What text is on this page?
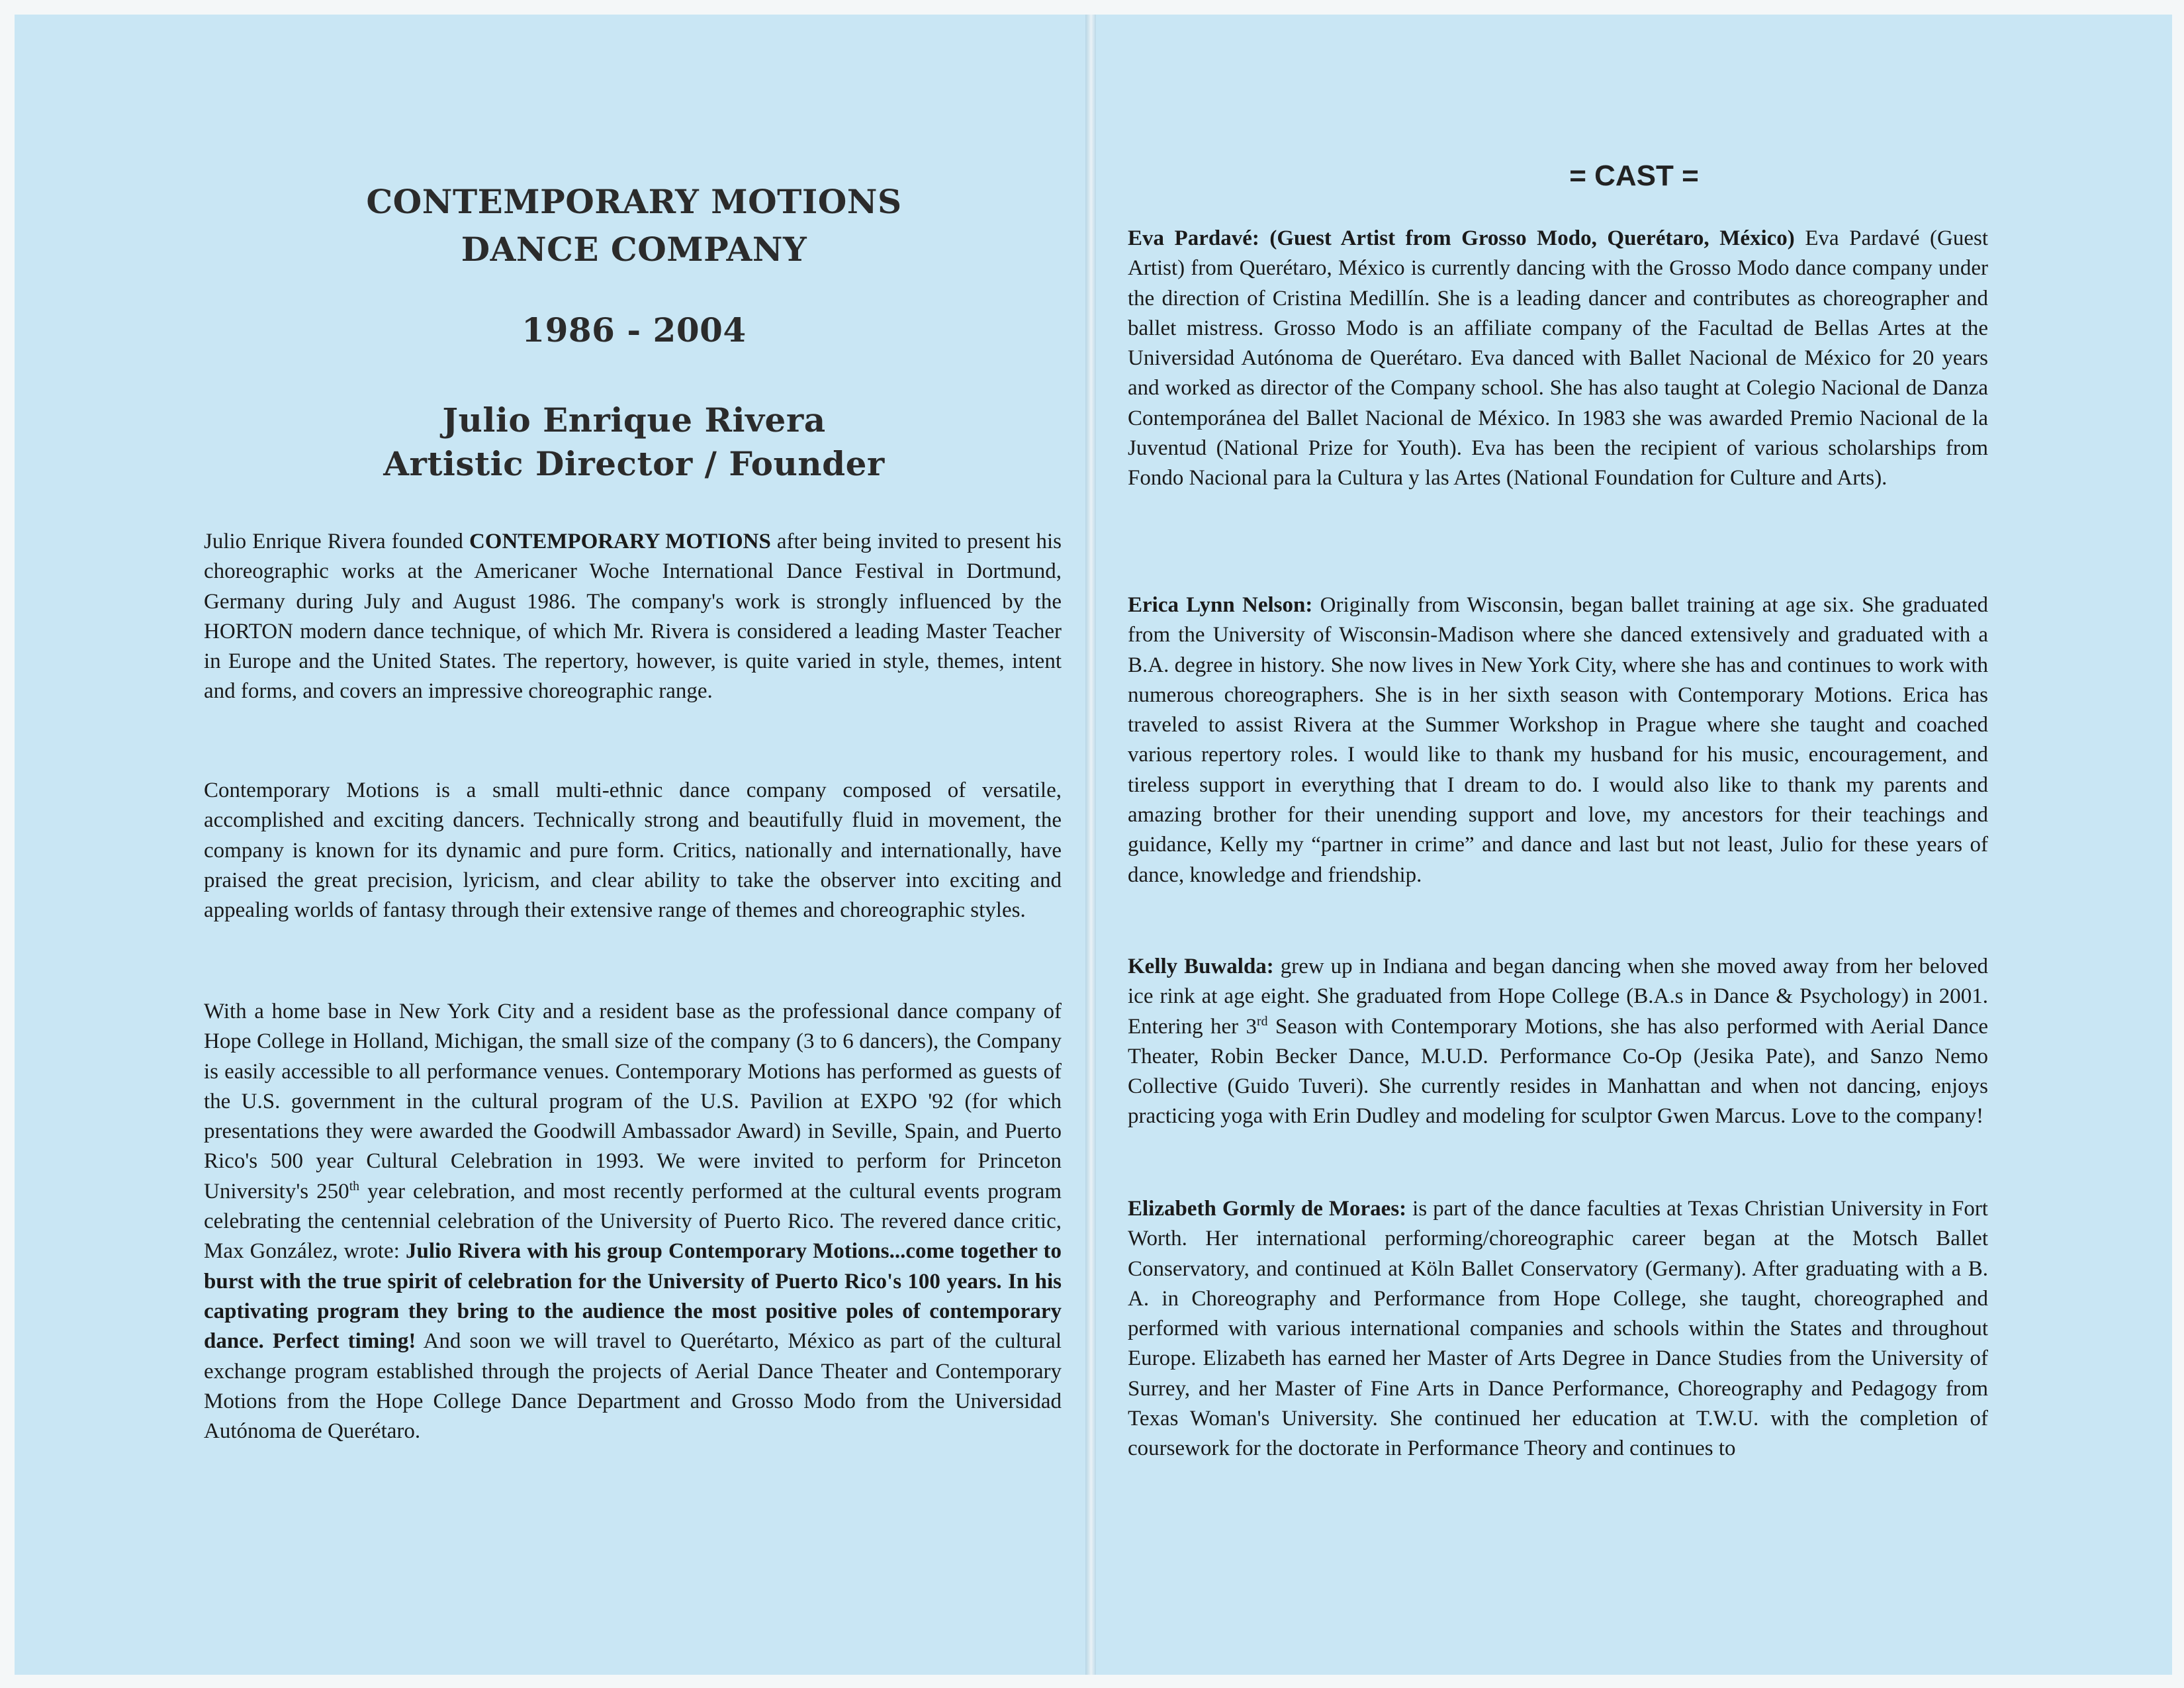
CONTEMPORARY MOTIONS
DANCE COMPANY
1986 - 2004
Julio Enrique Rivera
Artistic Director / Founder

Julio Enrique Rivera founded CONTEMPORARY MOTIONS after being invited to present his choreographic works at the Americaner Woche International Dance Festival in Dortmund, Germany during July and August 1986. The company's work is strongly influenced by the HORTON modern dance technique, of which Mr. Rivera is considered a leading Master Teacher in Europe and the United States. The repertory, however, is quite varied in style, themes, intent and forms, and covers an impressive choreographic range.

Contemporary Motions is a small multi-ethnic dance company composed of versatile, accomplished and exciting dancers. Technically strong and beautifully fluid in movement, the company is known for its dynamic and pure form. Critics, nationally and internationally, have praised the great precision, lyricism, and clear ability to take the observer into exciting and appealing worlds of fantasy through their extensive range of themes and choreographic styles.

With a home base in New York City and a resident base as the professional dance company of Hope College in Holland, Michigan, the small size of the company (3 to 6 dancers), the Company is easily accessible to all performance venues. Contemporary Motions has performed as guests of the U.S. government in the cultural program of the U.S. Pavilion at EXPO '92 (for which presentations they were awarded the Goodwill Ambassador Award) in Seville, Spain, and Puerto Rico's 500 year Cultural Celebration in 1993. We were invited to perform for Princeton University's 250th year celebration, and most recently performed at the cultural events program celebrating the centennial celebration of the University of Puerto Rico. The revered dance critic, Max González, wrote: Julio Rivera with his group Contemporary Motions...come together to burst with the true spirit of celebration for the University of Puerto Rico's 100 years. In his captivating program they bring to the audience the most positive poles of contemporary dance. Perfect timing! And soon we will travel to Querétarto, México as part of the cultural exchange program established through the projects of Aerial Dance Theater and Contemporary Motions from the Hope College Dance Department and Grosso Modo from the Universidad Autónoma de Querétaro.

= CAST =

Eva Pardavé: (Guest Artist from Grosso Modo, Querétaro, México) Eva Pardavé (Guest Artist) from Querétaro, México is currently dancing with the Grosso Modo dance company under the direction of Cristina Medillín. She is a leading dancer and contributes as choreographer and ballet mistress. Grosso Modo is an affiliate company of the Facultad de Bellas Artes at the Universidad Autónoma de Querétaro. Eva danced with Ballet Nacional de México for 20 years and worked as director of the Company school. She has also taught at Colegio Nacional de Danza Contemporánea del Ballet Nacional de México. In 1983 she was awarded Premio Nacional de la Juventud (National Prize for Youth). Eva has been the recipient of various scholarships from Fondo Nacional para la Cultura y las Artes (National Foundation for Culture and Arts).

Erica Lynn Nelson: Originally from Wisconsin, began ballet training at age six. She graduated from the University of Wisconsin-Madison where she danced extensively and graduated with a B.A. degree in history. She now lives in New York City, where she has and continues to work with numerous choreographers. She is in her sixth season with Contemporary Motions. Erica has traveled to assist Rivera at the Summer Workshop in Prague where she taught and coached various repertory roles. I would like to thank my husband for his music, encouragement, and tireless support in everything that I dream to do. I would also like to thank my parents and amazing brother for their unending support and love, my ancestors for their teachings and guidance, Kelly my “partner in crime” and dance and last but not least, Julio for these years of dance, knowledge and friendship.

Kelly Buwalda: grew up in Indiana and began dancing when she moved away from her beloved ice rink at age eight. She graduated from Hope College (B.A.s in Dance & Psychology) in 2001. Entering her 3rd Season with Contemporary Motions, she has also performed with Aerial Dance Theater, Robin Becker Dance, M.U.D. Performance Co-Op (Jesika Pate), and Sanzo Nemo Collective (Guido Tuveri). She currently resides in Manhattan and when not dancing, enjoys practicing yoga with Erin Dudley and modeling for sculptor Gwen Marcus. Love to the company!

Elizabeth Gormly de Moraes: is part of the dance faculties at Texas Christian University in Fort Worth. Her international performing/choreographic career began at the Motsch Ballet Conservatory, and continued at Köln Ballet Conservatory (Germany). After graduating with a B. A. in Choreography and Performance from Hope College, she taught, choreographed and performed with various international companies and schools within the States and throughout Europe. Elizabeth has earned her Master of Arts Degree in Dance Studies from the University of Surrey, and her Master of Fine Arts in Dance Performance, Choreography and Pedagogy from Texas Woman's University. She continued her education at T.W.U. with the completion of coursework for the doctorate in Performance Theory and continues to
